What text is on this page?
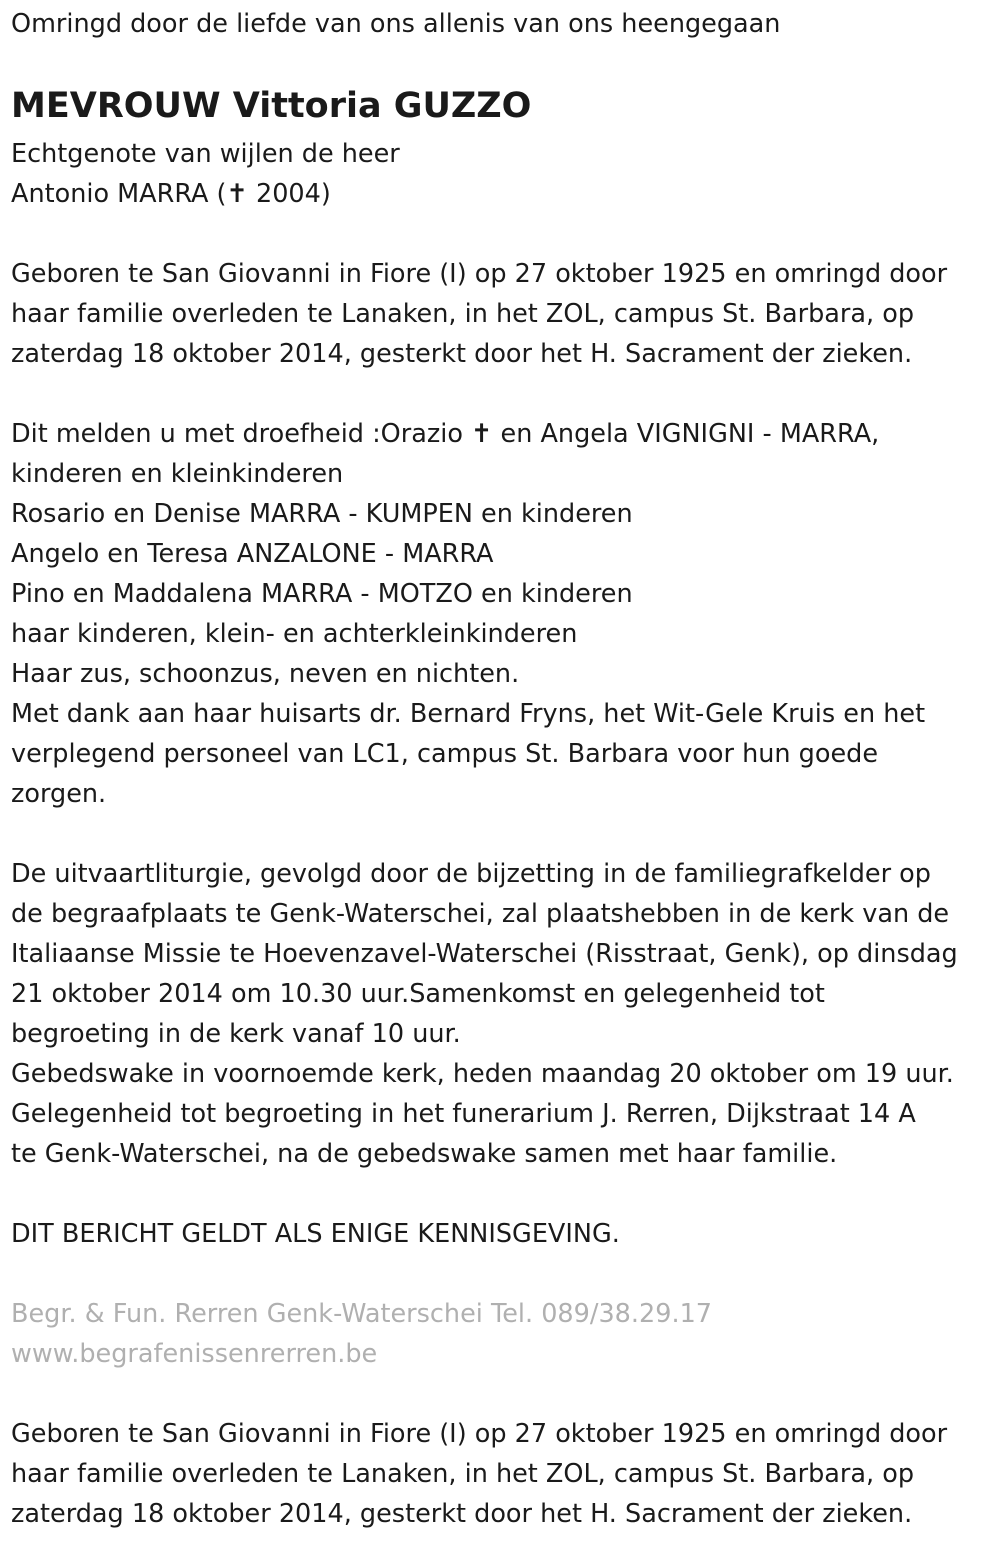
Omringd door de liefde van ons allenis van ons heengegaan
MEVROUW Vittoria GUZZO
Echtgenote van wijlen de heer
Antonio MARRA (✝ 2004)
Geboren te San Giovanni in Fiore (I) op 27 oktober 1925 en omringd door
haar familie overleden te Lanaken, in het ZOL, campus St. Barbara, op
zaterdag 18 oktober 2014, gesterkt door het H. Sacrament der zieken.
Dit melden u met droefheid :Orazio ✝ en Angela VIGNIGNI - MARRA,
kinderen en kleinkinderen
Rosario en Denise MARRA - KUMPEN en kinderen
Angelo en Teresa ANZALONE - MARRA
Pino en Maddalena MARRA - MOTZO en kinderen
haar kinderen, klein- en achterkleinkinderen
Haar zus, schoonzus, neven en nichten.
Met dank aan haar huisarts dr. Bernard Fryns, het Wit-Gele Kruis en het
verplegend personeel van LC1, campus St. Barbara voor hun goede
zorgen.
De uitvaartliturgie, gevolgd door de bijzetting in de familiegrafkelder op
de begraafplaats te Genk-Waterschei, zal plaatshebben in de kerk van de
Italiaanse Missie te Hoevenzavel-Waterschei (Risstraat, Genk), op dinsdag
21 oktober 2014 om 10.30 uur.Samenkomst en gelegenheid tot
begroeting in de kerk vanaf 10 uur.
Gebedswake in voornoemde kerk, heden maandag 20 oktober om 19 uur.
Gelegenheid tot begroeting in het funerarium J. Rerren, Dijkstraat 14 A
te Genk-Waterschei, na de gebedswake samen met haar familie.
DIT BERICHT GELDT ALS ENIGE KENNISGEVING.
Begr. & Fun. Rerren Genk-Waterschei Tel. 089/38.29.17
www.begrafenissenrerren.be
Geboren te San Giovanni in Fiore (I) op 27 oktober 1925 en omringd door
haar familie overleden te Lanaken, in het ZOL, campus St. Barbara, op
zaterdag 18 oktober 2014, gesterkt door het H. Sacrament der zieken.
